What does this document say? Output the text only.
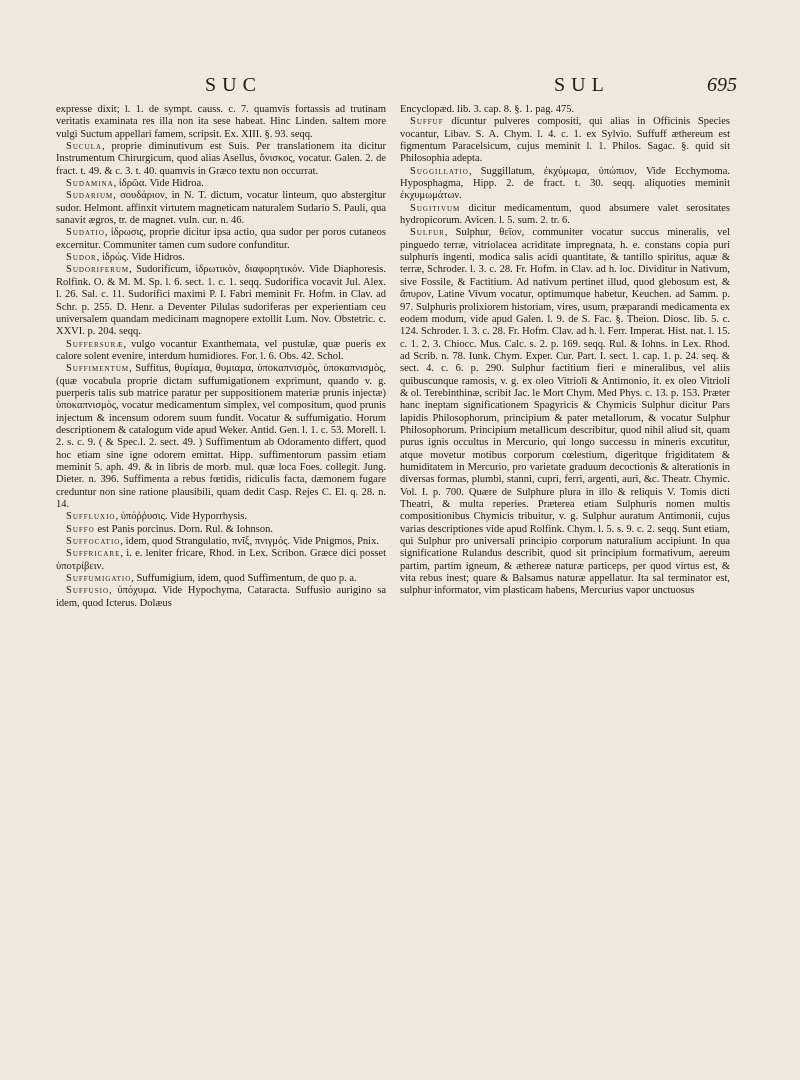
SUC	SUL	695

expresse dixit; l. 1. de sympt. causs. c. 7. quamvis fortassis ad trutinam veritatis examinata res illa non ita sese habeat. Hinc Linden. saltem more vulgi Suctum appellari famem, scripsit. Ex. XIII. §. 93. seqq.

Sucula, proprie diminutivum est Suis. Per translationem ita dicitur Instrumentum Chirurgicum, quod alias Asellus, ὄνισκος, vocatur. Galen. 2. de fract. t. 49. & c. 3. t. 40. quamvis in Græco textu non occurrat.

Sudamina, ἱδρῶα. Vide Hidroa.

Sudarium, σουδάριον, in N. T. dictum, vocatur linteum, quo abstergitur sudor. Helmont. affinxit virtutem magneticam naturalem Sudario S. Pauli, qua sanavit ægros, tr. de magnet. vuln. cur. n. 46.

Sudatio, ἱδρωσις, proprie dicitur ipsa actio, qua sudor per poros cutaneos excernitur. Communiter tamen cum sudore confunditur.

Sudor, ἱδρώς. Vide Hidros.

Sudoriferum, Sudorificum, ἱδρωτικὸν, διαφορητικόν. Vide Diaphoresis. Rolfink. O. & M. M. Sp. l. 6. sect. 1. c. 1. seqq. Sudorifica vocavit Jul. Alex. l. 26. Sal. c. 11. Sudorifici maximi P. I. Fabri meminit Fr. Hofm. in Clav. ad Schr. p. 255. D. Henr. a Deventer Pilulas sudoriferas per experientiam ceu universalem quandam medicinam magnopere extollit Lum. Nov. Obstetric. c. XXVI. p. 204. seqq.

Suffersuræ, vulgo vocantur Exanthemata, vel pustulæ, quæ pueris ex calore solent evenire, interdum humidiores. For. l. 6. Obs. 42. Schol.

Suffimentum, Suffitus, θυμίαμα, θυμιαμα, ὑποκαπνισμὸς, ὑποκαπνισμὸς, (quæ vocabula proprie dictam suffumigationem exprimunt, quando v. g. puerperis talis sub matrice paratur per suppositionem materiæ prunis injectæ) ὑποκαπνισμὸς, vocatur medicamentum simplex, vel compositum, quod prunis injectum & incensum odorem suum fundit. Vocatur & suffumigatio. Horum descriptionem & catalogum vide apud Weker. Antid. Gen. l. 1. c. 53. Morell. l. 2. s. c. 9. ( & Spec.l. 2. sect. 49. ) Suffimentum ab Odoramento differt, quod hoc etiam sine igne odorem emittat. Hipp. suffimentorum passim etiam meminit 5. aph. 49. & in libris de morb. mul. quæ loca Foes. collegit. Jung. Dieter. n. 396. Suffimenta a rebus fœtidis, ridiculis facta, dæmonem fugare creduntur non sine ratione plausibili, quam dedit Casp. Rejes C. El. q. 28. n. 14.

Suffluxio, ὑπόῤῥυσις. Vide Hyporrhysis.

Suffo est Panis porcinus. Dorn. Rul. & Iohnson.

Suffocatio, idem, quod Strangulatio, πνῖξ, πνιγμός. Vide Pnigmos, Pnix.

Suffricare, i. e. leniter fricare, Rhod. in Lex. Scribon. Græce dici posset ὑποτρίβειν.

Suffumigatio, Suffumigium, idem, quod Suffimentum, de quo p. a.

Suffusio, ὑπόχυμα. Vide Hypochyma, Cataracta. Suffusio aurigino sa idem, quod Icterus. Dolæus

Encyclopæd. lib. 3. cap. 8. §. 1. pag. 475.

Suffuf dicuntur pulveres compositi, qui alias in Officinis Species vocantur, Libav. S. A. Chym. l. 4. c. 1. ex Sylvio. Suffuff æthereum est figmentum Paracelsicum, cujus meminit l. 1. Philos. Sagac. §. quid sit Philosophia adepta.

Suggillatio, Suggillatum, ἐκχύμωμα, ὑπώπιον, Vide Ecchymoma. Hyposphagma, Hipp. 2. de fract. t. 30. seqq. aliquoties meminit ἐκχυμωμάτων.

Sugitivum dicitur medicamentum, quod absumere valet serositates hydropicorum. Avicen. l. 5. sum. 2. tr. 6.

Sulfur, Sulphur, θεῖον, communiter vocatur succus mineralis, vel pinguedo terræ, vitriolacea acriditate impregnata, h. e. constans copia puri sulphuris ingenti, modica salis acidi quantitate, & tantillo spiritus, aquæ & terræ, Schroder. l. 3. c. 28. Fr. Hofm. in Clav. ad h. loc. Dividitur in Nativum, sive Fossile, & Factitium. Ad nativum pertinet illud, quod glebosum est, & ἄπυρον, Latine Vivum vocatur, optimumque habetur, Keuchen. ad Samm. p. 97. Sulphuris prolixiorem historiam, vires, usum, præparandi medicamenta ex eodem modum, vide apud Galen. l. 9. de S. Fac. §. Theion. Diosc. lib. 5. c. 124. Schroder. l. 3. c. 28. Fr. Hofm. Clav. ad h. l. Ferr. Imperat. Hist. nat. l. 15. c. 1. 2. 3. Chiocc. Mus. Calc. s. 2. p. 169. seqq. Rul. & Iohns. in Lex. Rhod. ad Scrib. n. 78. Iunk. Chym. Exper. Cur. Part. I. sect. 1. cap. 1. p. 24. seq. & sect. 4. c. 6. p. 290. Sulphur factitium fieri e mineralibus, vel aliis quibuscunque ramosis, v. g. ex oleo Vitrioli & Antimonio, it. ex oleo Vitrioli & ol. Terebinthinæ, scribit Jac. le Mort Chym. Med Phys. c. 13. p. 153. Præter hanc ineptam significationem Spagyricis & Chymicis Sulphur dicitur Pars lapidis Philosophorum, principium & pater metallorum, & vocatur Sulphur Philosophorum. Principium metallicum describitur, quod nihil aliud sit, quam purus ignis occultus in Mercurio, qui longo successu in mineris excutitur, atque movetur motibus corporum cœlestium, digeritque frigiditatem & humiditatem in Mercurio, pro varietate graduum decoctionis & alterationis in diversas formas, plumbi, stanni, cupri, ferri, argenti, auri, &c. Theatr. Chymic. Vol. I. p. 700. Quære de Sulphure plura in illo & reliquis V. Tomis dicti Theatri, & multa reperies. Præterea etiam Sulphuris nomen multis compositionibus Chymicis tribuitur, v. g. Sulphur auratum Antimonii, cujus varias descriptiones vide apud Rolfink. Chym. l. 5. s. 9. c. 2. seqq. Sunt etiam, qui Sulphur pro universali principio corporum naturalium accipiunt. In qua significatione Rulandus describit, quod sit principium formativum, aereum partim, partim igneum, & æthereæ naturæ particeps, per quod virtus est, & vita rebus inest; quare & Balsamus naturæ appellatur. Ita sal terminator est, sulphur informator, vim plasticam habens, Mercurius vapor unctuosus
